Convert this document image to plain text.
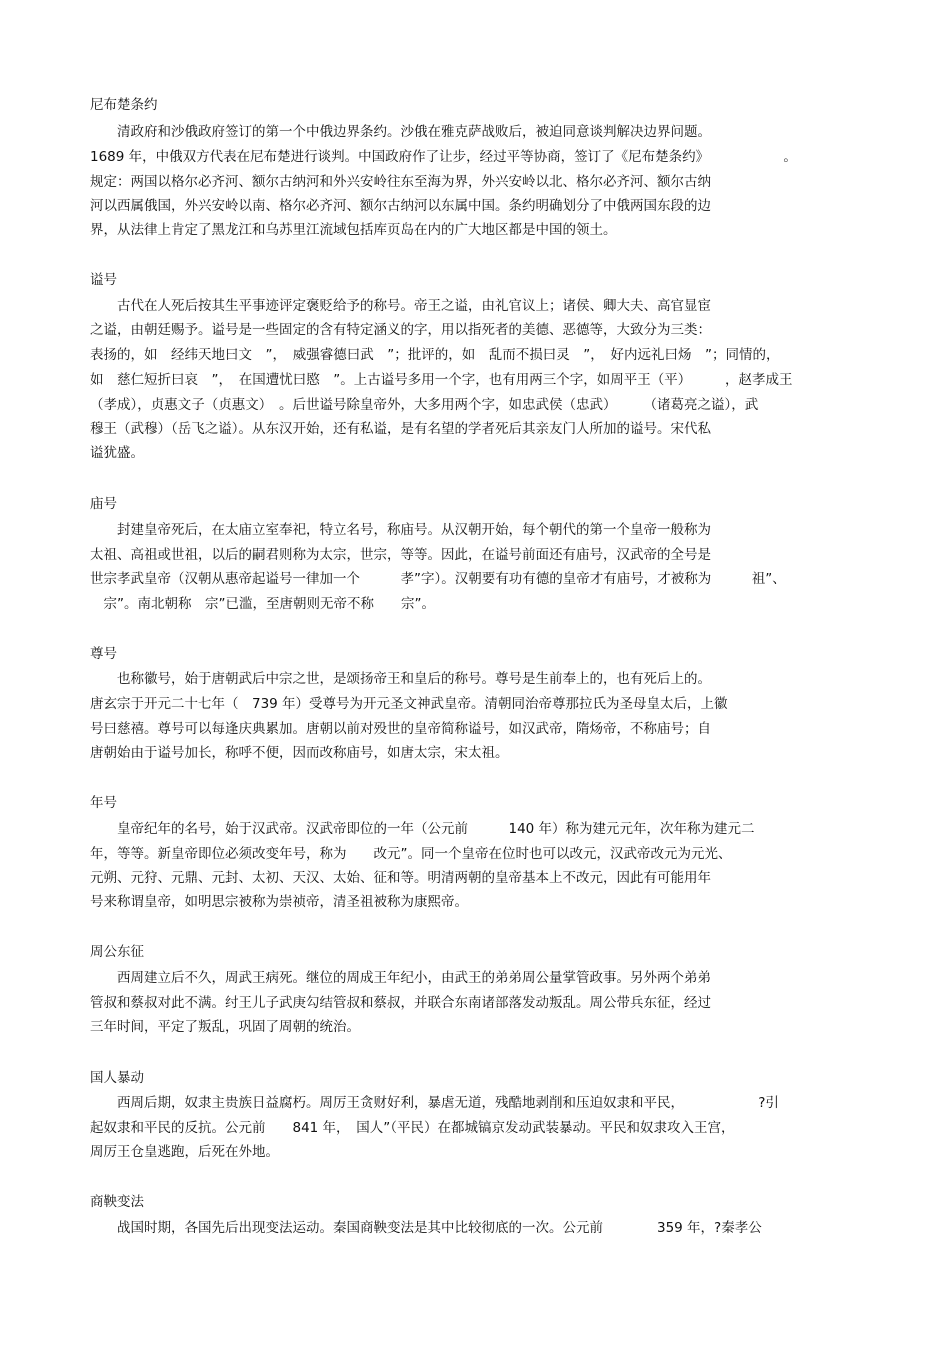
尼布楚条约
　　清政府和沙俄政府签订的第一个中俄边界条约。沙俄在雅克萨战败后，被迫同意谈判解决边界问题。
1689 年，中俄双方代表在尼布楚进行谈判。中国政府作了让步，经过平等协商，签订了《尼布楚条约》　　　　　　。
规定：两国以格尔必齐河、额尔古纳河和外兴安岭往东至海为界，外兴安岭以北、格尔必齐河、额尔古纳
河以西属俄国，外兴安岭以南、格尔必齐河、额尔古纳河以东属中国。条约明确划分了中俄两国东段的边
界，从法律上肯定了黑龙江和乌苏里江流域包括库页岛在内的广大地区都是中国的领土。
谥号
　　古代在人死后按其生平事迹评定褒贬给予的称号。帝王之谥，由礼官议上；诸侯、卿大夫、高官显宦
之谥，由朝廷赐予。谥号是一些固定的含有特定涵义的字，用以指死者的美德、恶德等，大致分为三类：
表扬的，如　经纬天地曰文　”，　威强睿德曰武　”；批评的，如　乱而不损曰灵　”，　好内远礼曰炀　”；同情的，
如　慈仁短折曰哀　”，　在国遭忧曰愍　”。上古谥号多用一个字，也有用两三个字，如周平王（平）　　　，赵孝成王
（孝成），贞惠文子（贞惠文）　。后世谥号除皇帝外，大多用两个字，如忠武侯（忠武）　　　（诸葛亮之谥），武
穆王（武穆）（岳飞之谥）。从东汉开始，还有私谥，是有名望的学者死后其亲友门人所加的谥号。宋代私
谥犹盛。
庙号
　　封建皇帝死后，在太庙立室奉祀，特立名号，称庙号。从汉朝开始，每个朝代的第一个皇帝一般称为
太祖、高祖或世祖，以后的嗣君则称为太宗，世宗，等等。因此，在谥号前面还有庙号，汉武帝的全号是
世宗孝武皇帝（汉朝从惠帝起谥号一律加一个　　　孝”字）。汉朝要有功有德的皇帝才有庙号，才被称为　　　祖”、
　宗”。南北朝称　宗”已滥，至唐朝则无帝不称　　宗”。
尊号
　　也称徽号，始于唐朝武后中宗之世，是颂扬帝王和皇后的称号。尊号是生前奉上的，也有死后上的。
唐玄宗于开元二十七年（　739 年）受尊号为开元圣文神武皇帝。清朝同治帝尊那拉氏为圣母皇太后，上徽
号曰慈禧。尊号可以每逢庆典累加。唐朝以前对殁世的皇帝简称谥号，如汉武帝，隋炀帝，不称庙号；自
唐朝始由于谥号加长，称呼不便，因而改称庙号，如唐太宗，宋太祖。
年号
　　皇帝纪年的名号，始于汉武帝。汉武帝即位的一年（公元前　　　140 年）称为建元元年，次年称为建元二
年，等等。新皇帝即位必须改变年号，称为　　改元”。同一个皇帝在位时也可以改元，汉武帝改元为元光、
元朔、元狩、元鼎、元封、太初、天汉、太始、征和等。明清两朝的皇帝基本上不改元，因此有可能用年
号来称谓皇帝，如明思宗被称为崇祯帝，清圣祖被称为康熙帝。
周公东征
　　西周建立后不久，周武王病死。继位的周成王年纪小，由武王的弟弟周公量掌管政事。另外两个弟弟
管叔和蔡叔对此不满。纣王儿子武庚勾结管叔和蔡叔，并联合东南诸部落发动叛乱。周公带兵东征，经过
三年时间，平定了叛乱，巩固了周朝的统治。
国人暴动
　　西周后期，奴隶主贵族日益腐朽。周厉王贪财好利，暴虐无道，残酷地剥削和压迫奴隶和平民，　　　　　　?引
起奴隶和平民的反抗。公元前　　841 年，　国人”（平民）在都城镐京发动武装暴动。平民和奴隶攻入王宫，
周厉王仓皇逃跑，后死在外地。
商鞅变法
　　战国时期，各国先后出现变法运动。秦国商鞅变法是其中比较彻底的一次。公元前　　　　359 年，?秦孝公
